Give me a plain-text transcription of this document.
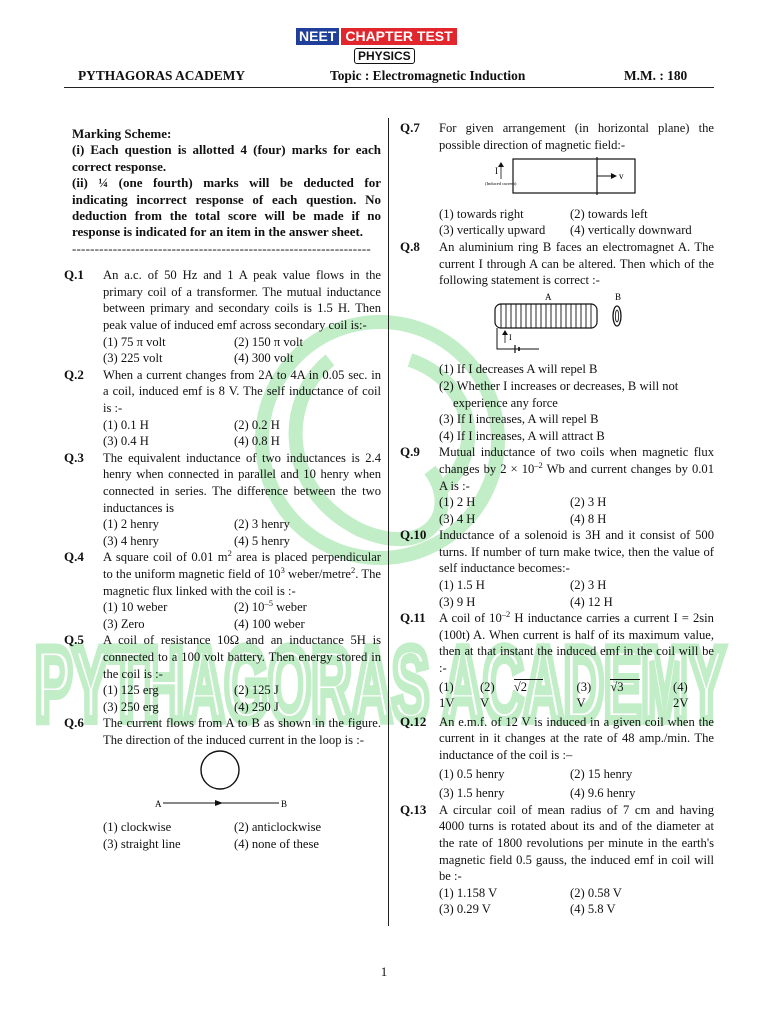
PYTHAGORAS ACADEMY
NEET CHAPTER TEST
PHYSICS
PYTHAGORAS ACADEMY	Topic : Electromagnetic Induction	M.M. : 180
Marking Scheme:
(i) Each question is allotted 4 (four) marks for each correct response.
(ii) ¼ (one fourth) marks will be deducted for indicating incorrect response of each question. No deduction from the total score will be made if no response is indicated for an item in the answer sheet.
------------------------------------------------------------------
Q.1	An a.c. of 50 Hz and 1 A peak value flows in the primary coil of a transformer. The mutual inductance between primary and secondary coils is 1.5 H. Then peak value of induced emf across secondary coil is:-
(1) 75 π volt	(2) 150 π volt
(3) 225 volt	(4) 300 volt
Q.2	When a current changes from 2A to 4A in 0.05 sec. in a coil, induced emf is 8 V. The self inductance of coil is :-
(1) 0.1 H	(2) 0.2 H
(3) 0.4 H	(4) 0.8 H
Q.3	The equivalent inductance of two inductances is 2.4 henry when connected in parallel and 10 henry when connected in series. The difference between the two inductances is
(1) 2 henry	(2) 3 henry
(3) 4 henry	(4) 5 henry
Q.4	A square coil of 0.01 $m^2$ area is placed perpendicular to the uniform magnetic field of $10^3$ weber/metre$^2$. The magnetic flux linked with the coil is :-
(1) 10 weber	(2) $10^{-5}$ weber
(3) Zero	(4) 100 weber
Q.5	A coil of resistance 10Ω and an inductance 5H is connected to a 100 volt battery. Then energy stored in the coil is :-
(1) 125 erg	(2) 125 J
(3) 250 erg	(4) 250 J
Q.6	The current flows from A to B as shown in the figure. The direction of the induced current in the loop is :-
A	B
(1) clockwise	(2) anticlockwise
(3) straight line	(4) none of these
Q.7	For given arrangement (in horizontal plane) the possible direction of magnetic field:-
v
I
(Induced current)
(1) towards right	(2) towards left
(3) vertically upward	(4) vertically downward
Q.8	An aluminium ring B faces an electromagnet A. The current I through A can be altered. Then which of the following statement is correct :-
A	B
I
(1) If I decreases A will repel B
(2) Whether I increases or decreases, B will not
experience any force
(3) If I increases, A will repel B
(4) If I increases, A will attract B
Q.9	Mutual inductance of two coils when magnetic flux changes by $2 \times 10^{-2}$ Wb and current changes by 0.01 A is :-
(1) 2 H	(2) 3 H
(3) 4 H	(4) 8 H
Q.10	Inductance of a solenoid is 3H and it consist of 500 turns. If number of turn make twice, then the value of self inductance becomes:-
(1) 1.5 H	(2) 3 H
(3) 9 H	(4) 12 H
Q.11	A coil of $10^{-2}$ H inductance carries a current I = 2sin (100t) A. When current is half of its maximum value, then at that instant the induced emf in the coil will be :-
(1) 1V
(2) √2 V
(3) √3 V
(4) 2V
Q.12	An e.m.f. of 12 V is induced in a given coil when the current in it changes at the rate of 48 amp./min. The inductance of the coil is :–
(1) 0.5 henry	(2) 15 henry
(3) 1.5 henry	(4) 9.6 henry
Q.13	A circular coil of mean radius of 7 cm and having 4000 turns is rotated about its and of the diameter at the rate of 1800 revolutions per minute in the earth's magnetic field 0.5 gauss, the induced emf in coil will be :-
(1) 1.158 V	(2) 0.58 V
(3) 0.29 V	(4) 5.8 V
1
